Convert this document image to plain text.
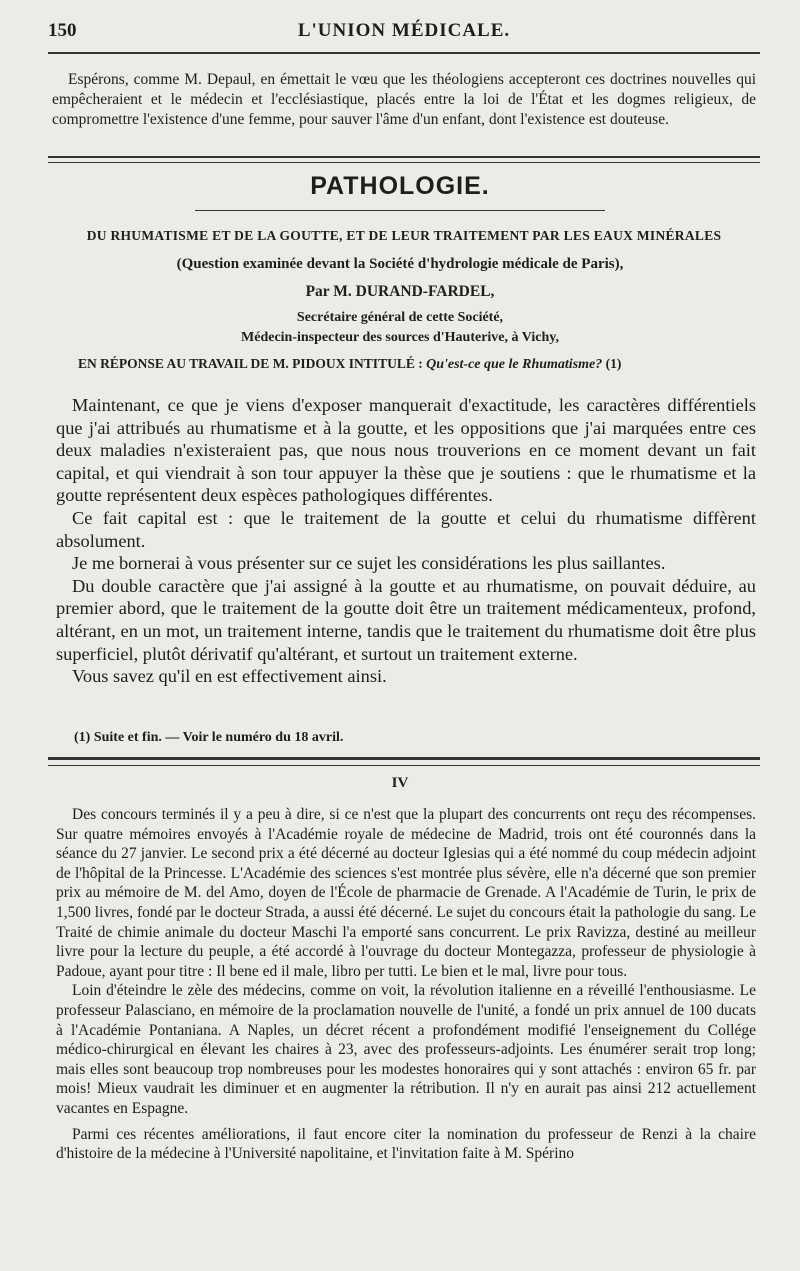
150	L'UNION MÉDICALE.

Espérons, comme M. Depaul, en émettait le vœu que les théologiens accepteront ces doctrines nouvelles qui empêcheraient et le médecin et l'ecclésiastique, placés entre la loi de l'État et les dogmes religieux, de compromettre l'existence d'une femme, pour sauver l'âme d'un enfant, dont l'existence est douteuse.

PATHOLOGIE.
DU RHUMATISME ET DE LA GOUTTE, ET DE LEUR TRAITEMENT PAR LES EAUX MINÉRALES
(Question examinée devant la Société d'hydrologie médicale de Paris),
Par M. DURAND-FARDEL,
Secrétaire général de cette Société,
Médecin-inspecteur des sources d'Hauterive, à Vichy,
EN RÉPONSE AU TRAVAIL DE M. PIDOUX INTITULÉ : Qu'est-ce que le Rhumatisme? (1)

Maintenant, ce que je viens d'exposer manquerait d'exactitude, les caractères différentiels que j'ai attribués au rhumatisme et à la goutte, et les oppositions que j'ai marquées entre ces deux maladies n'existeraient pas, que nous nous trouverions en ce moment devant un fait capital, et qui viendrait à son tour appuyer la thèse que je soutiens : que le rhumatisme et la goutte représentent deux espèces pathologiques différentes.

Ce fait capital est : que le traitement de la goutte et celui du rhumatisme diffèrent absolument.

Je me bornerai à vous présenter sur ce sujet les considérations les plus saillantes.

Du double caractère que j'ai assigné à la goutte et au rhumatisme, on pouvait déduire, au premier abord, que le traitement de la goutte doit être un traitement médicamenteux, profond, altérant, en un mot, un traitement interne, tandis que le traitement du rhumatisme doit être plus superficiel, plutôt dérivatif qu'altérant, et surtout un traitement externe.

Vous savez qu'il en est effectivement ainsi.

(1) Suite et fin. — Voir le numéro du 18 avril.
IV

Des concours terminés il y a peu à dire, si ce n'est que la plupart des concurrents ont reçu des récompenses. Sur quatre mémoires envoyés à l'Académie royale de médecine de Madrid, trois ont été couronnés dans la séance du 27 janvier. Le second prix a été décerné au docteur Iglesias qui a été nommé du coup médecin adjoint de l'hôpital de la Princesse. L'Académie des sciences s'est montrée plus sévère, elle n'a décerné que son premier prix au mémoire de M. del Amo, doyen de l'École de pharmacie de Grenade. A l'Académie de Turin, le prix de 1,500 livres, fondé par le docteur Strada, a aussi été décerné. Le sujet du concours était la pathologie du sang. Le Traité de chimie animale du docteur Maschi l'a emporté sans concurrent. Le prix Ravizza, destiné au meilleur livre pour la lecture du peuple, a été accordé à l'ouvrage du docteur Montegazza, professeur de physiologie à Padoue, ayant pour titre : Il bene ed il male, libro per tutti. Le bien et le mal, livre pour tous.

Loin d'éteindre le zèle des médecins, comme on voit, la révolution italienne en a réveillé l'enthousiasme. Le professeur Palasciano, en mémoire de la proclamation nouvelle de l'unité, a fondé un prix annuel de 100 ducats à l'Académie Pontaniana. A Naples, un décret récent a profondément modifié l'enseignement du Collége médico-chirurgical en élevant les chaires à 23, avec des professeurs-adjoints. Les énumérer serait trop long; mais elles sont beaucoup trop nombreuses pour les modestes honoraires qui y sont attachés : environ 65 fr. par mois! Mieux vaudrait les diminuer et en augmenter la rétribution. Il n'y en aurait pas ainsi 212 actuellement vacantes en Espagne.

Parmi ces récentes améliorations, il faut encore citer la nomination du professeur de Renzi à la chaire d'histoire de la médecine à l'Université napolitaine, et l'invitation faite à M. Spérino
